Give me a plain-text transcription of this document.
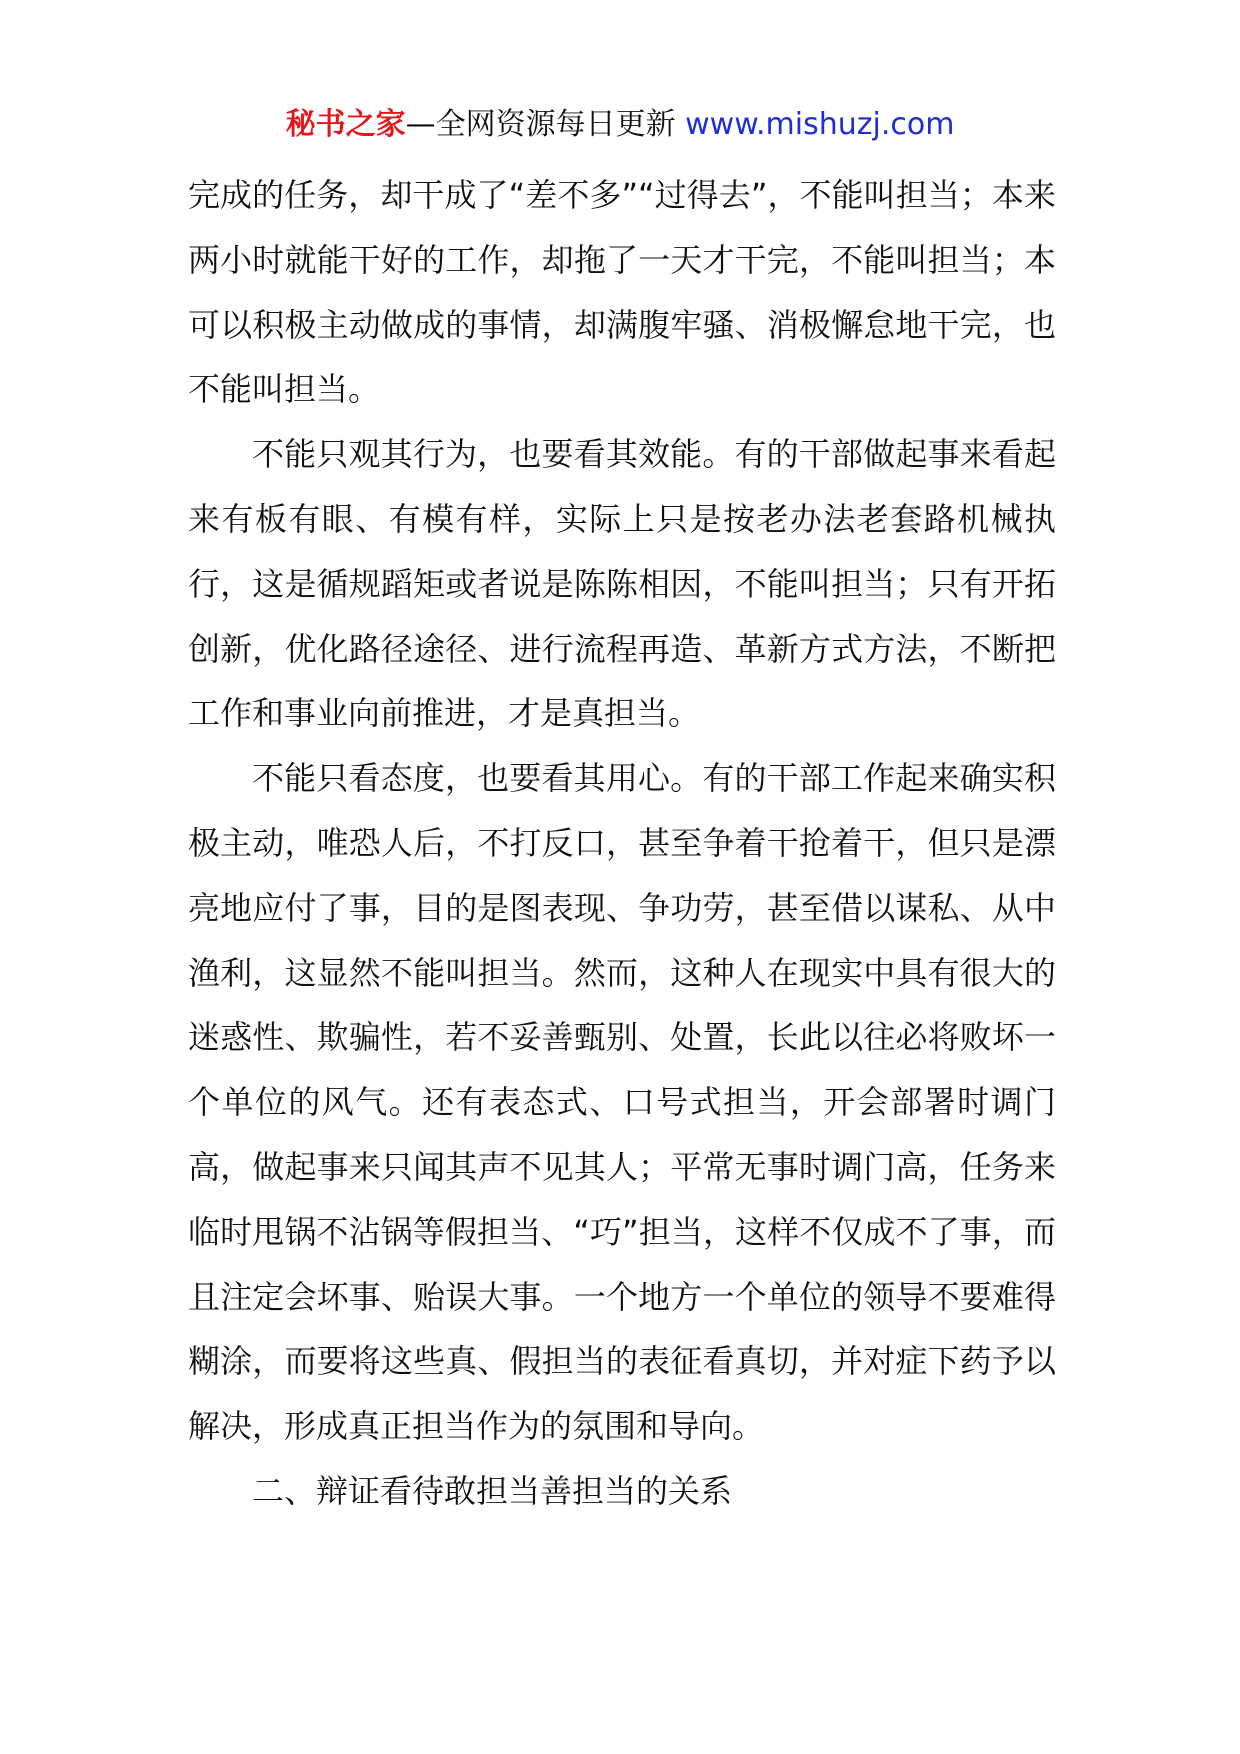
秘书之家—全网资源每日更新 www.mishuzj.com

完成的任务，却干成了“差不多”“过得去”，不能叫担当；本来两小时就能干好的工作，却拖了一天才干完，不能叫担当；本可以积极主动做成的事情，却满腹牢骚、消极懈怠地干完，也不能叫担当。

不能只观其行为，也要看其效能。有的干部做起事来看起来有板有眼、有模有样，实际上只是按老办法老套路机械执行，这是循规蹈矩或者说是陈陈相因，不能叫担当；只有开拓创新，优化路径途径、进行流程再造、革新方式方法，不断把工作和事业向前推进，才是真担当。

不能只看态度，也要看其用心。有的干部工作起来确实积极主动，唯恐人后，不打反口，甚至争着干抢着干，但只是漂亮地应付了事，目的是图表现、争功劳，甚至借以谋私、从中渔利，这显然不能叫担当。然而，这种人在现实中具有很大的迷惑性、欺骗性，若不妥善甄别、处置，长此以往必将败坏一个单位的风气。还有表态式、口号式担当，开会部署时调门高，做起事来只闻其声不见其人；平常无事时调门高，任务来临时甩锅不沾锅等假担当、“巧”担当，这样不仅成不了事，而且注定会坏事、贻误大事。一个地方一个单位的领导不要难得糊涂，而要将这些真、假担当的表征看真切，并对症下药予以解决，形成真正担当作为的氛围和导向。

二、辩证看待敢担当善担当的关系
